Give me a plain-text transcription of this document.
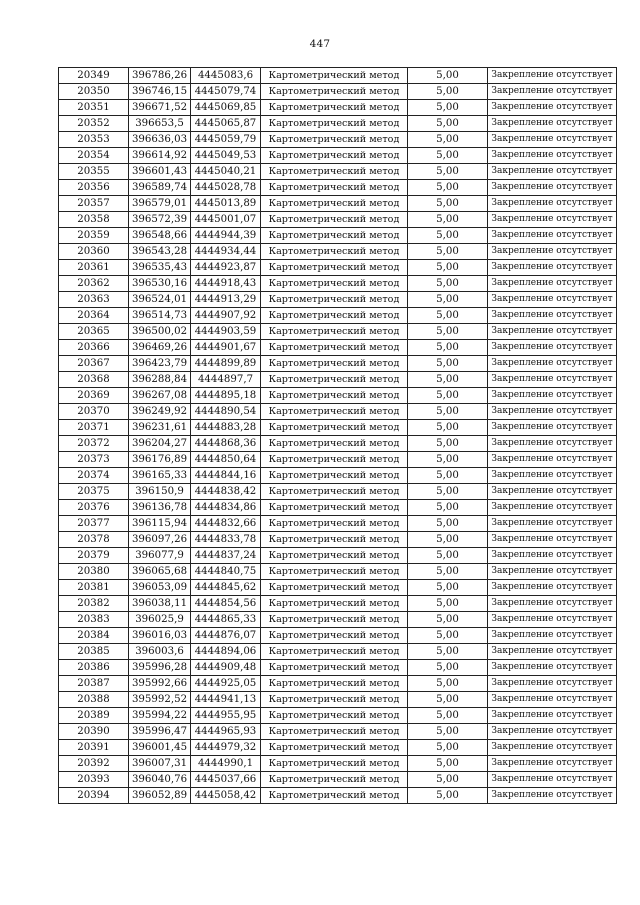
447
20349	396786,26	4445083,6	Картометрический метод	5,00	Закрепление отсутствует
20350	396746,15	4445079,74	Картометрический метод	5,00	Закрепление отсутствует
20351	396671,52	4445069,85	Картометрический метод	5,00	Закрепление отсутствует
20352	396653,5	4445065,87	Картометрический метод	5,00	Закрепление отсутствует
20353	396636,03	4445059,79	Картометрический метод	5,00	Закрепление отсутствует
20354	396614,92	4445049,53	Картометрический метод	5,00	Закрепление отсутствует
20355	396601,43	4445040,21	Картометрический метод	5,00	Закрепление отсутствует
20356	396589,74	4445028,78	Картометрический метод	5,00	Закрепление отсутствует
20357	396579,01	4445013,89	Картометрический метод	5,00	Закрепление отсутствует
20358	396572,39	4445001,07	Картометрический метод	5,00	Закрепление отсутствует
20359	396548,66	4444944,39	Картометрический метод	5,00	Закрепление отсутствует
20360	396543,28	4444934,44	Картометрический метод	5,00	Закрепление отсутствует
20361	396535,43	4444923,87	Картометрический метод	5,00	Закрепление отсутствует
20362	396530,16	4444918,43	Картометрический метод	5,00	Закрепление отсутствует
20363	396524,01	4444913,29	Картометрический метод	5,00	Закрепление отсутствует
20364	396514,73	4444907,92	Картометрический метод	5,00	Закрепление отсутствует
20365	396500,02	4444903,59	Картометрический метод	5,00	Закрепление отсутствует
20366	396469,26	4444901,67	Картометрический метод	5,00	Закрепление отсутствует
20367	396423,79	4444899,89	Картометрический метод	5,00	Закрепление отсутствует
20368	396288,84	4444897,7	Картометрический метод	5,00	Закрепление отсутствует
20369	396267,08	4444895,18	Картометрический метод	5,00	Закрепление отсутствует
20370	396249,92	4444890,54	Картометрический метод	5,00	Закрепление отсутствует
20371	396231,61	4444883,28	Картометрический метод	5,00	Закрепление отсутствует
20372	396204,27	4444868,36	Картометрический метод	5,00	Закрепление отсутствует
20373	396176,89	4444850,64	Картометрический метод	5,00	Закрепление отсутствует
20374	396165,33	4444844,16	Картометрический метод	5,00	Закрепление отсутствует
20375	396150,9	4444838,42	Картометрический метод	5,00	Закрепление отсутствует
20376	396136,78	4444834,86	Картометрический метод	5,00	Закрепление отсутствует
20377	396115,94	4444832,66	Картометрический метод	5,00	Закрепление отсутствует
20378	396097,26	4444833,78	Картометрический метод	5,00	Закрепление отсутствует
20379	396077,9	4444837,24	Картометрический метод	5,00	Закрепление отсутствует
20380	396065,68	4444840,75	Картометрический метод	5,00	Закрепление отсутствует
20381	396053,09	4444845,62	Картометрический метод	5,00	Закрепление отсутствует
20382	396038,11	4444854,56	Картометрический метод	5,00	Закрепление отсутствует
20383	396025,9	4444865,33	Картометрический метод	5,00	Закрепление отсутствует
20384	396016,03	4444876,07	Картометрический метод	5,00	Закрепление отсутствует
20385	396003,6	4444894,06	Картометрический метод	5,00	Закрепление отсутствует
20386	395996,28	4444909,48	Картометрический метод	5,00	Закрепление отсутствует
20387	395992,66	4444925,05	Картометрический метод	5,00	Закрепление отсутствует
20388	395992,52	4444941,13	Картометрический метод	5,00	Закрепление отсутствует
20389	395994,22	4444955,95	Картометрический метод	5,00	Закрепление отсутствует
20390	395996,47	4444965,93	Картометрический метод	5,00	Закрепление отсутствует
20391	396001,45	4444979,32	Картометрический метод	5,00	Закрепление отсутствует
20392	396007,31	4444990,1	Картометрический метод	5,00	Закрепление отсутствует
20393	396040,76	4445037,66	Картометрический метод	5,00	Закрепление отсутствует
20394	396052,89	4445058,42	Картометрический метод	5,00	Закрепление отсутствует
